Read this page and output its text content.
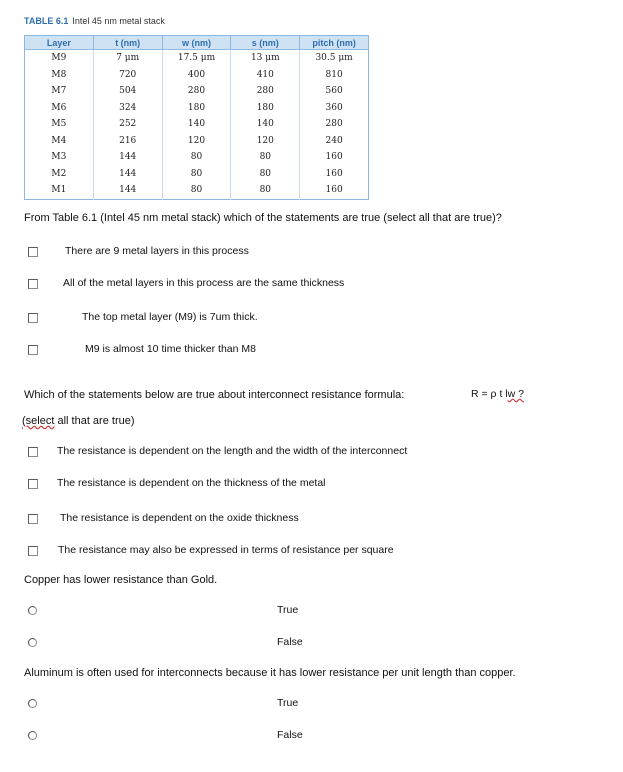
TABLE 6.1 Intel 45 nm metal stack
Layer	t (nm)	w (nm)	s (nm)	pitch (nm)
M9	7 μm	17.5 μm	13 μm	30.5 μm
M8	720	400	410	810
M7	504	280	280	560
M6	324	180	180	360
M5	252	140	140	280
M4	216	120	120	240
M3	144	80	80	160
M2	144	80	80	160
M1	144	80	80	160
From Table 6.1 (Intel 45 nm metal stack) which of the statements are true (select all that are true)?
There are 9 metal layers in this process
All of the metal layers in this process are the same thickness
The top metal layer (M9) is 7um thick.
M9 is almost 10 time thicker than M8
Which of the statements below are true about interconnect resistance formula:	R = ρ t lw ?
(select all that are true)
The resistance is dependent on the length and the width of the interconnect
The resistance is dependent on the thickness of the metal
The resistance is dependent on the oxide thickness
The resistance may also be expressed in terms of resistance per square
Copper has lower resistance than Gold.
True
False
Aluminum is often used for interconnects because it has lower resistance per unit length than copper.
True
False
